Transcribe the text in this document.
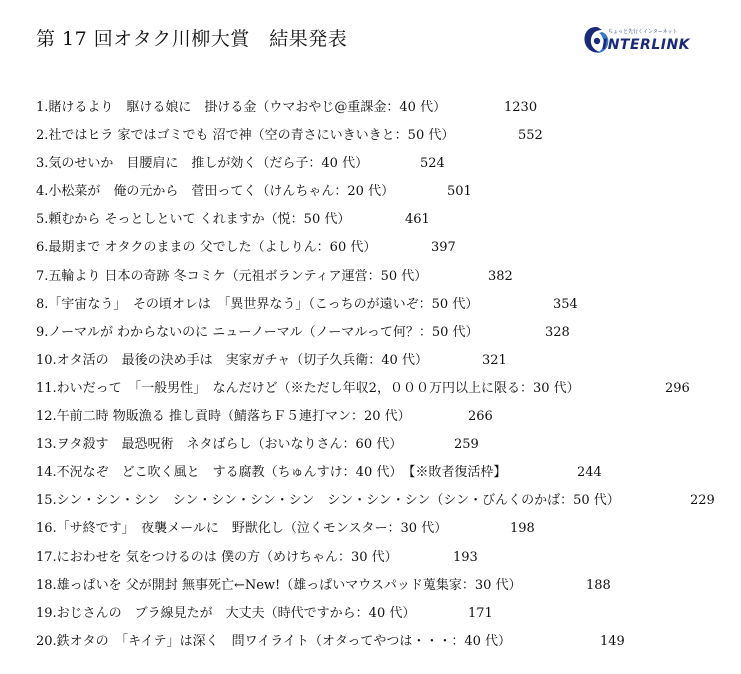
第 17 回オタク川柳大賞　結果発表	ちょっと先行くインターネット
INTERLINK
1.賭けるより　駆ける娘に　掛ける金（ウマおやじ@重課金：40 代）	1230
2.社ではヒラ 家ではゴミでも 沼で神（空の青さにいきいきと：50 代）	552
3.気のせいか　目腰肩に　推しが効く（だら子：40 代）	524
4.小松菜が　俺の元から　菅田ってく（けんちゃん：20 代）	501
5.頼むから そっとしといて くれますか（悦：50 代）	461
6.最期まで オタクのままの 父でした（よしりん：60 代）	397
7.五輪より 日本の奇跡 冬コミケ（元祖ボランティア運営：50 代）	382
8.「宇宙なう」　その頃オレは　「異世界なう」（こっちのが遠いぞ：50 代）	354
9.ノーマルが わからないのに ニューノーマル（ノーマルって何？：50 代）	328
10.オタ活の　最後の決め手は　実家ガチャ（切子久兵衛：40 代）	321
11.わいだって　「一般男性」　なんだけど（※ただし年収2，０００万円以上に限る：30 代）	296
12.午前二時 物販漁る 推し貢時（鯖落ちＦ５連打マン：20 代）	266
13.ヲタ殺す　最恐呪術　ネタばらし（おいなりさん：60 代）	259
14.不況なぞ　どこ吹く風と　する腐教（ちゅんすけ：40 代）　【※敗者復活枠】	244
15.シン・シン・シン　シン・シン・シン・シン　シン・シン・シン（シン・びんくのかば：50 代）	229
16.「サ終です」　夜襲メールに　野獣化し（泣くモンスター：30 代）	198
17.におわせを 気をつけるのは 僕の方（めけちゃん：30 代）	193
18.雄っぱいを 父が開封 無事死亡←New!（雄っぱいマウスパッド蒐集家：30 代）	188
19.おじさんの　ブラ線見たが　大丈夫（時代ですから：40 代）	171
20.鉄オタの　「キイテ」は深く　問ワイライト（オタってやつは・・・：40 代）	149
